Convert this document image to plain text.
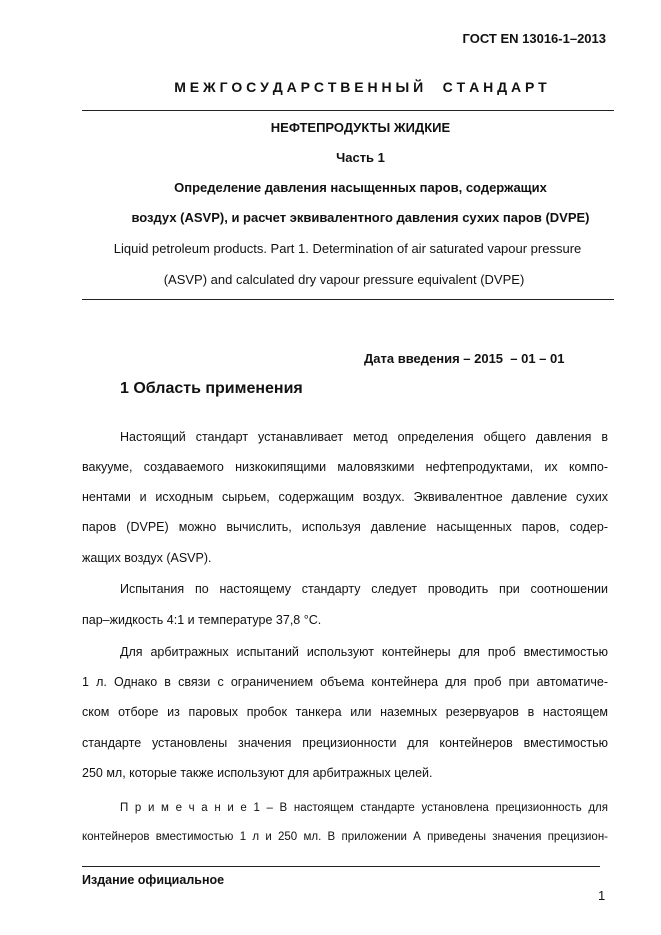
ГОСТ EN 13016-1–2013
М Е Ж Г О С У Д А Р С Т В Е Н Н Ы Й     С Т А Н Д А Р Т
НЕФТЕПРОДУКТЫ ЖИДКИЕ
Часть 1
Определение давления насыщенных паров, содержащих
воздух (ASVP), и расчет эквивалентного давления сухих паров (DVPE)
Liquid petroleum products. Part 1. Determination of air saturated vapour pressure
(ASVP) and calculated dry vapour pressure equivalent (DVPE)
Дата введения – 2015  – 01 – 01
1 Область применения
Настоящий стандарт устанавливает метод определения общего давления в
вакууме, создаваемого низкокипящими маловязкими нефтепродуктами, их компо-
нентами и исходным сырьем, содержащим воздух. Эквивалентное давление сухих
паров (DVPE) можно вычислить, используя давление насыщенных паров, содер-
жащих воздух (ASVP).
Испытания по настоящему стандарту следует проводить при соотношении
пар–жидкость 4:1 и температуре 37,8 °С.
Для арбитражных испытаний используют контейнеры для проб вместимостью
1 л. Однако в связи с ограничением объема контейнера для проб при автоматиче-
ском отборе из паровых пробок танкера или наземных резервуаров в настоящем
стандарте установлены значения прецизионности для контейнеров вместимостью
250 мл, которые также используют для арбитражных целей.
П р и м е ч а н и е 1 – В настоящем стандарте установлена прецизионность для
контейнеров вместимостью 1 л и 250 мл. В приложении А приведены значения прецизион-
Издание официальное
1
